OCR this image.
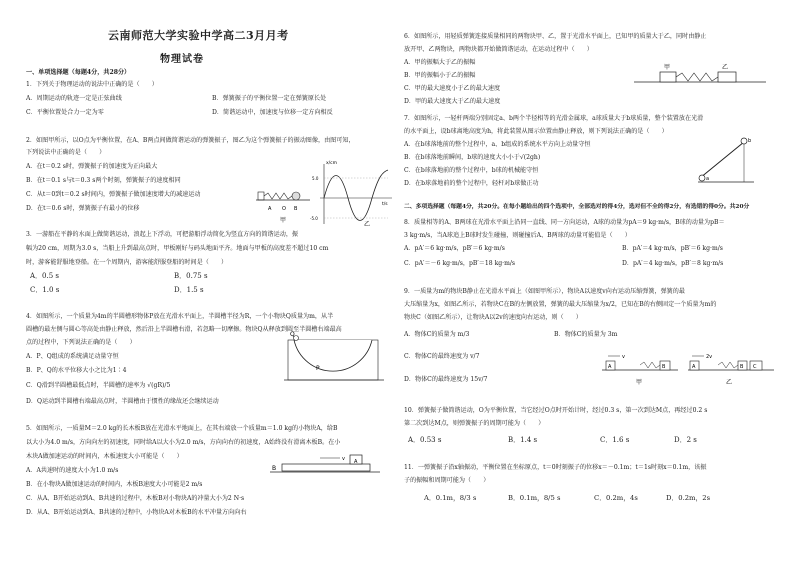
云南师范大学实验中学高二3月月考
物理试卷
一、单项选择题（每题4分，共28分）
1．下列关于物理运动的说法中正确的是（　　）
A．周期运动的轨迹一定是正弦曲线	B．弹簧振子的平衡位置一定在弹簧原长处
C．平衡位置处合力一定为零	D．简谐运动中，加速度与位移一定方向相反
2．如图甲所示，以O点为平衡位置，在A、B两点间做简谐运动的弹簧振子，图乙为这个弹簧振子的振动图像，由图可知，
下列说法中正确的是（　　）
A．在t＝0.2 s时，弹簧振子的加速度为正向最大
B．在t＝0.1 s与t＝0.3 s两个时刻，弹簧振子的速度相同
C．从t＝0到t＝0.2 s时间内，弹簧振子做加速度增大的减速运动
D．在t＝0.6 s时，弹簧振子有最小的位移	A O B
甲
x/cm
5.0
-5.0
t/s
乙
3．一游船在平静的水面上做简谐运动，浪起上下浮动，可把游船浮动简化为竖直方向的简谐运动，振
幅为20 cm，周期为3.0 s，当船上升到最高点时，甲板刚好与码头地面平齐。地面与甲板的高度差不超过10 cm
时，游客能舒服地登船。在一个周期内，游客能舒服登船的时间是（　　）
A．0.5 s	B．0.75 s
C．1.0 s	D．1.5 s
4．如图所示，一个质量为4m的半圆槽形物体P放在光滑水平面上，半圆槽半径为R，一个小物块Q质量为m，从半
圆槽的最左侧与圆心等高处由静止释放，然后沿上半圆槽右滑，若忽略一切摩擦。物块Q从释放到圆至半圆槽右端最高
点的过程中，下列说法正确的是（　　）
A．P、Q组成的系统满足动量守恒
B．P、Q的水平位移大小之比为1∶4
C．Q滑到半圆槽最低点时，半圆槽的速率为 √(gR)/5
D．Q运动到半圆槽右端最高点时，半圆槽由于惯性的缘故还会继续运动
Q
P
5．如图所示，一质量M＝2.0 kg的长木板B放在光滑水平地面上，在其右端放一个质量m＝1.0 kg的小物块A，给B
以大小为4.0 m/s，方向向左的初速度，同时给A以大小为2.0 m/s，方向向右的初速度，A始终没有滑离木板B。在小
木块A做加速运动的时间内，木板速度大小可能是（　　）
A．A共速时的速度大小为1.0 m/s
B．在小物块A做加速运动的时间内，木板B速度大小可能是2 m/s
C．从A、B开始运动到A、B共速的过程中，木板B对小物块A的冲量大小为2 N·s
D．从A、B开始运动到A、B共速的过程中，小物块A对木板B的水平冲量方向向右
v
B
A
6．如图所示，用轻质弹簧连接质量相同的两物块甲、乙，置于光滑水平面上，已知甲的质量大于乙，同时由静止
放开甲、乙两物块，两物块都开始做简谐运动，在运动过程中（　　）
A．甲的振幅大于乙的振幅
B．甲的振幅小于乙的振幅
C．甲的最大速度小于乙的最大速度
D．甲的最大速度大于乙的最大速度
甲	乙
7．如图所示，一轻杆两端分别固定a、b两个半径相等的光滑金属球，a球质量大于b球质量，整个装置放在光滑
的水平面上，设b球离地高度为h，将此装置从图示位置由静止释放，则下列说法正确的是（　　）
A．在b球落地前的整个过程中，a、b组成的系统水平方向上动量守恒
B．在b球落地前瞬间，b球的速度大小小于√(2gh)
C．在b球落地前的整个过程中，b球的机械能守恒
D．在b球落地前的整个过程中，轻杆对b球做正功
b
a
二、多项选择题（每题4分，共20分。在每小题给出的四个选项中，全部选对的得4分，选对但不全的得2分，有选错的得0分。共20分
8．质量相等的A、B两球在光滑水平面上沿同一直线、同一方向运动，A球的动量为pA＝9 kg·m/s，B球的动量为pB＝
3 kg·m/s，当A球追上B球时发生碰撞，则碰撞后A、B两球的动量可能值是（　　）
A．pA′＝6 kg·m/s，pB′＝6 kg·m/s	B．pA′＝4 kg·m/s，pB′＝6 kg·m/s
C．pA′＝－6 kg·m/s，pB′＝18 kg·m/s	D．pA′＝4 kg·m/s，pB′＝8 kg·m/s
9．一质量为m的物块B静止在光滑水平面上（如图甲所示），物块A以速度v向右运动压缩弹簧，弹簧的最
大压缩量为x，如图乙所示，若物块C在B的左侧放置，弹簧的最大压缩量为x/2，已知在B的右侧固定一个质量为m的
物块C（如图乙所示），让物块A以2v的速度向右运动，则（　　）
A．物体C的质量为 m/3	B．物体C的质量为 3m
C．物体C的最终速度为 v/7
D．物体C的最终速度为 15v/7
v
A	B
甲
2v
A	B C
乙
10．弹簧振子做简谐运动，O为平衡位置，当它经过O点时开始计时，经过0.3 s，第一次到达M点，再经过0.2 s
第二次到达M点，则弹簧振子的周期可能为（　　）
A．0.53 s	B．1.4 s	C．1.6 s	D．2 s
11．一弹簧振子沿x轴振动，平衡位置在坐标原点，t＝0时刻振子的位移x＝－0.1m；t＝1s时刻x＝0.1m，该振
子的振幅和周期可能为（　　）
A．0.1m，8/3 s	B．0.1m，8/5 s	C．0.2m，4s	D．0.2m，2s
